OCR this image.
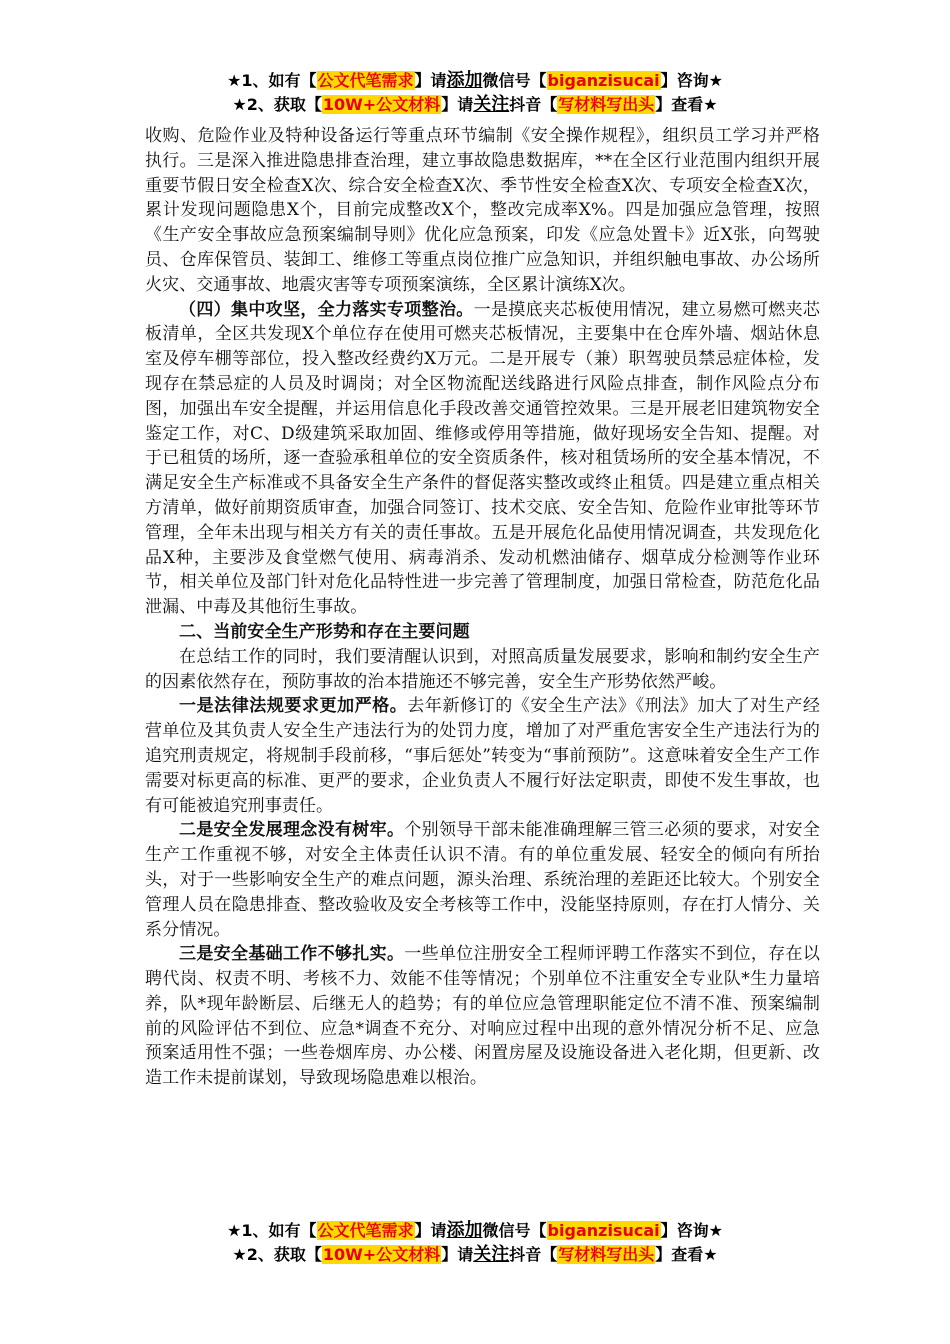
★1、如有【公文代笔需求】请添加微信号【biganzisucai】咨询★
★2、获取【10W+公文材料】请关注抖音【写材料写出头】查看★

收购、危险作业及特种设备运行等重点环节编制《安全操作规程》，组织员工学习并严格执行。三是深入推进隐患排查治理，建立事故隐患数据库，**在全区行业范围内组织开展重要节假日安全检查X次、综合安全检查X次、季节性安全检查X次、专项安全检查X次，累计发现问题隐患X个，目前完成整改X个，整改完成率X%。四是加强应急管理，按照《生产安全事故应急预案编制导则》优化应急预案，印发《应急处置卡》近X张，向驾驶员、仓库保管员、装卸工、维修工等重点岗位推广应急知识，并组织触电事故、办公场所火灾、交通事故、地震灾害等专项预案演练，全区累计演练X次。

（四）集中攻坚，全力落实专项整治。一是摸底夹芯板使用情况，建立易燃可燃夹芯板清单，全区共发现X个单位存在使用可燃夹芯板情况，主要集中在仓库外墙、烟站休息室及停车棚等部位，投入整改经费约X万元。二是开展专（兼）职驾驶员禁忌症体检，发现存在禁忌症的人员及时调岗；对全区物流配送线路进行风险点排查，制作风险点分布图，加强出车安全提醒，并运用信息化手段改善交通管控效果。三是开展老旧建筑物安全鉴定工作，对C、D级建筑采取加固、维修或停用等措施，做好现场安全告知、提醒。对于已租赁的场所，逐一查验承租单位的安全资质条件，核对租赁场所的安全基本情况，不满足安全生产标准或不具备安全生产条件的督促落实整改或终止租赁。四是建立重点相关方清单，做好前期资质审查，加强合同签订、技术交底、安全告知、危险作业审批等环节管理，全年未出现与相关方有关的责任事故。五是开展危化品使用情况调查，共发现危化品X种，主要涉及食堂燃气使用、病毒消杀、发动机燃油储存、烟草成分检测等作业环节，相关单位及部门针对危化品特性进一步完善了管理制度，加强日常检查，防范危化品泄漏、中毒及其他衍生事故。

二、当前安全生产形势和存在主要问题

在总结工作的同时，我们要清醒认识到，对照高质量发展要求，影响和制约安全生产的因素依然存在，预防事故的治本措施还不够完善，安全生产形势依然严峻。

一是法律法规要求更加严格。去年新修订的《安全生产法》《刑法》加大了对生产经营单位及其负责人安全生产违法行为的处罚力度，增加了对严重危害安全生产违法行为的追究刑责规定，将规制手段前移，“事后惩处”转变为“事前预防”。这意味着安全生产工作需要对标更高的标准、更严的要求，企业负责人不履行好法定职责，即使不发生事故，也有可能被追究刑事责任。

二是安全发展理念没有树牢。个别领导干部未能准确理解三管三必须的要求，对安全生产工作重视不够，对安全主体责任认识不清。有的单位重发展、轻安全的倾向有所抬头，对于一些影响安全生产的难点问题，源头治理、系统治理的差距还比较大。个别安全管理人员在隐患排查、整改验收及安全考核等工作中，没能坚持原则，存在打人情分、关系分情况。

三是安全基础工作不够扎实。一些单位注册安全工程师评聘工作落实不到位，存在以聘代岗、权责不明、考核不力、效能不佳等情况；个别单位不注重安全专业队*生力量培养，队*现年龄断层、后继无人的趋势；有的单位应急管理职能定位不清不准、预案编制前的风险评估不到位、应急*调查不充分、对响应过程中出现的意外情况分析不足、应急预案适用性不强；一些卷烟库房、办公楼、闲置房屋及设施设备进入老化期，但更新、改造工作未提前谋划，导致现场隐患难以根治。

★1、如有【公文代笔需求】请添加微信号【biganzisucai】咨询★
★2、获取【10W+公文材料】请关注抖音【写材料写出头】查看★
